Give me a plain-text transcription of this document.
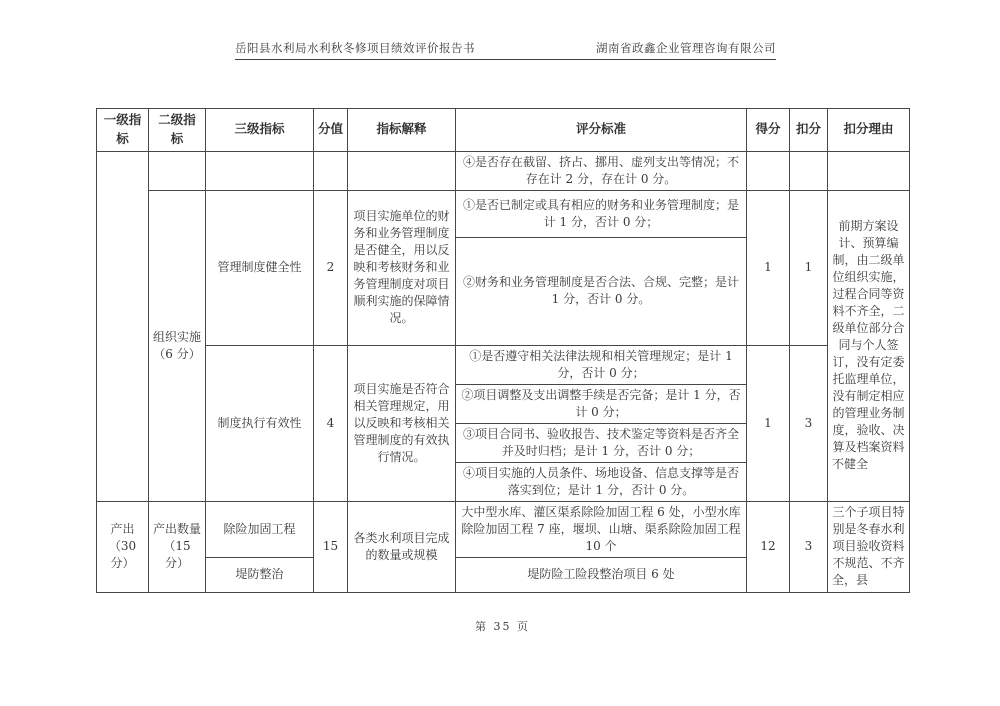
岳阳县水利局水利秋冬修项目绩效评价报告书	湖南省政鑫企业管理咨询有限公司
一级指标	二级指标	三级指标	分值	指标解释	评分标准	得分	扣分	扣分理由
					④是否存在截留、挤占、挪用、虚列支出等情况；不存在计 2 分，存在计 0 分。			
	组织实施（6 分）	管理制度健全性	2	项目实施单位的财务和业务管理制度是否健全，用以反映和考核财务和业务管理制度对项目顺利实施的保障情况。	①是否已制定或具有相应的财务和业务管理制度；是计 1 分，否计 0 分；	1	1	前期方案设计、预算编制，由二级单位组织实施，过程合同等资料不齐全，二级单位部分合同与个人签订，没有定委托监理单位，没有制定相应的管理业务制度，验收、决算及档案资料不健全
					②财务和业务管理制度是否合法、合规、完整；是计 1 分，否计 0 分。			
		制度执行有效性	4	项目实施是否符合相关管理规定，用以反映和考核相关管理制度的有效执行情况。	①是否遵守相关法律法规和相关管理规定；是计 1 分，否计 0 分；	1	3	
					②项目调整及支出调整手续是否完备；是计 1 分，否计 0 分；			
					③项目合同书、验收报告、技术鉴定等资料是否齐全并及时归档；是计 1 分，否计 0 分；			
					④项目实施的人员条件、场地设备、信息支撑等是否落实到位；是计 1 分，否计 0 分。			
产出（30 分）	产出数量（15 分）	除险加固工程	15	各类水利项目完成的数量或规模	大中型水库、灌区渠系除险加固工程 6 处，小型水库除险加固工程 7 座，堰坝、山塘、渠系除险加固工程 10 个	12	3	三个子项目特别是冬春水利项目验收资料不规范、不齐全，县
		堤防整治			堤防险工险段整治项目 6 处			
第 35 页
